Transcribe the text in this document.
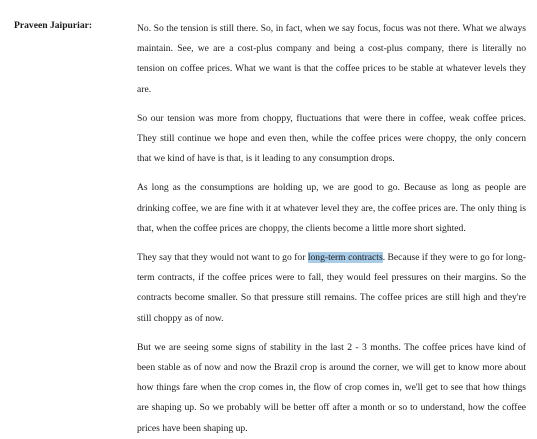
Praveen Jaipuriar:	No. So the tension is still there. So, in fact, when we say focus, focus was not there. What we always maintain. See, we are a cost-plus company and being a cost-plus company, there is literally no tension on coffee prices. What we want is that the coffee prices to be stable at whatever levels they are.

So our tension was more from choppy, fluctuations that were there in coffee, weak coffee prices. They still continue we hope and even then, while the coffee prices were choppy, the only concern that we kind of have is that, is it leading to any consumption drops.

As long as the consumptions are holding up, we are good to go. Because as long as people are drinking coffee, we are fine with it at whatever level they are, the coffee prices are. The only thing is that, when the coffee prices are choppy, the clients become a little more short sighted.

They say that they would not want to go for long-term contracts. Because if they were to go for long-term contracts, if the coffee prices were to fall, they would feel pressures on their margins. So the contracts become smaller. So that pressure still remains. The coffee prices are still high and they're still choppy as of now.

But we are seeing some signs of stability in the last 2 - 3 months. The coffee prices have kind of been stable as of now and now the Brazil crop is around the corner, we will get to know more about how things fare when the crop comes in, the flow of crop comes in, we'll get to see that how things are shaping up. So we probably will be better off after a month or so to understand, how the coffee prices have been shaping up.
